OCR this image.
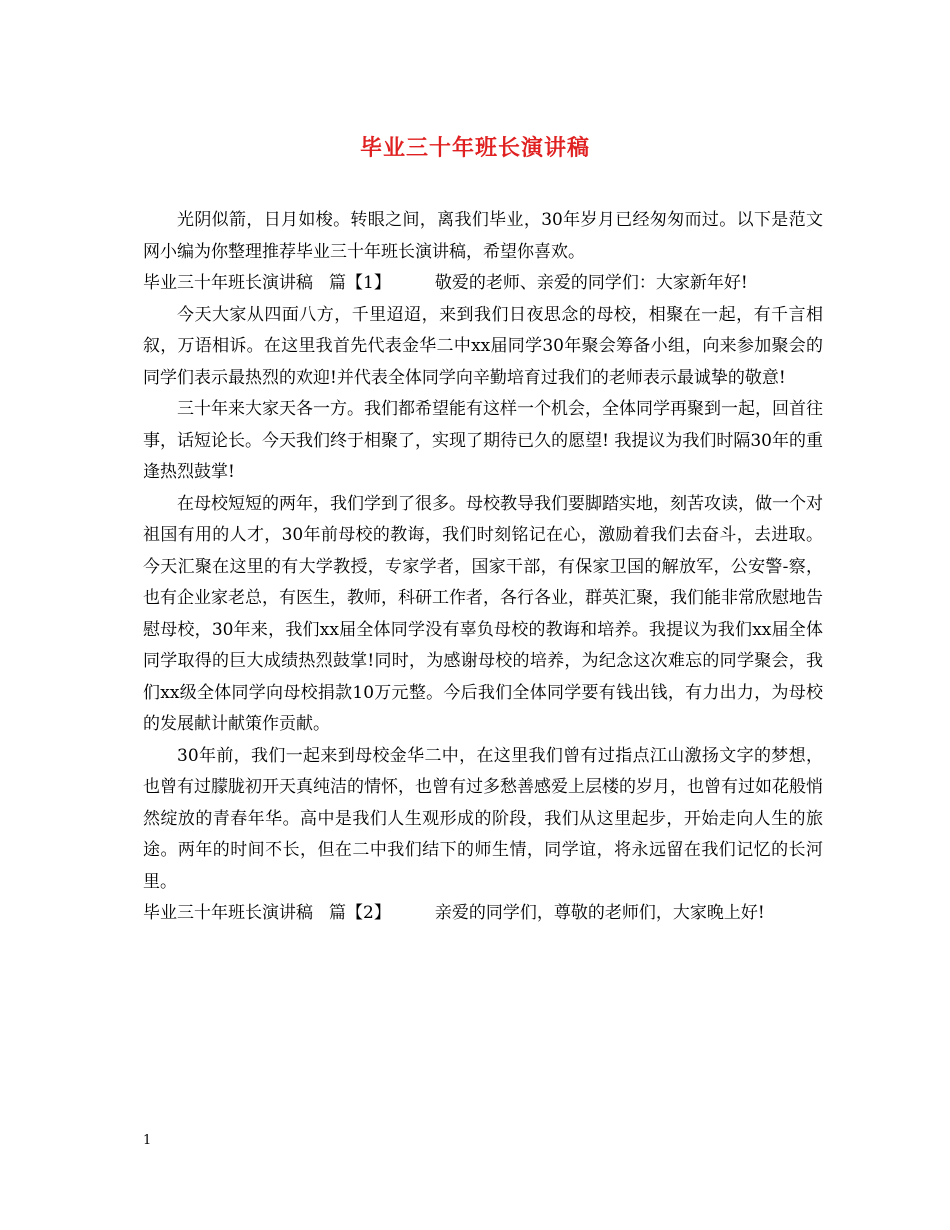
毕业三十年班长演讲稿

光阴似箭，日月如梭。转眼之间，离我们毕业，30年岁月已经匆匆而过。以下是范文网小编为你整理推荐毕业三十年班长演讲稿，希望你喜欢。

毕业三十年班长演讲稿 篇【1】	敬爱的老师、亲爱的同学们：大家新年好!

今天大家从四面八方，千里迢迢，来到我们日夜思念的母校，相聚在一起，有千言相叙，万语相诉。在这里我首先代表金华二中xx届同学30年聚会筹备小组，向来参加聚会的同学们表示最热烈的欢迎!并代表全体同学向辛勤培育过我们的老师表示最诚挚的敬意!

三十年来大家天各一方。我们都希望能有这样一个机会，全体同学再聚到一起，回首往事，话短论长。今天我们终于相聚了，实现了期待已久的愿望! 我提议为我们时隔30年的重逢热烈鼓掌!

在母校短短的两年，我们学到了很多。母校教导我们要脚踏实地，刻苦攻读，做一个对祖国有用的人才，30年前母校的教诲，我们时刻铭记在心，激励着我们去奋斗，去进取。今天汇聚在这里的有大学教授，专家学者，国家干部，有保家卫国的解放军，公安警-察，也有企业家老总，有医生，教师，科研工作者，各行各业，群英汇聚，我们能非常欣慰地告慰母校，30年来，我们xx届全体同学没有辜负母校的教诲和培养。我提议为我们xx届全体同学取得的巨大成绩热烈鼓掌!同时，为感谢母校的培养，为纪念这次难忘的同学聚会，我们xx级全体同学向母校捐款10万元整。今后我们全体同学要有钱出钱，有力出力，为母校的发展献计献策作贡献。

30年前，我们一起来到母校金华二中，在这里我们曾有过指点江山激扬文字的梦想，也曾有过朦胧初开天真纯洁的情怀，也曾有过多愁善感爱上层楼的岁月，也曾有过如花般悄然绽放的青春年华。高中是我们人生观形成的阶段，我们从这里起步，开始走向人生的旅途。两年的时间不长，但在二中我们结下的师生情，同学谊，将永远留在我们记忆的长河里。

毕业三十年班长演讲稿 篇【2】	亲爱的同学们，尊敬的老师们，大家晚上好!

1
